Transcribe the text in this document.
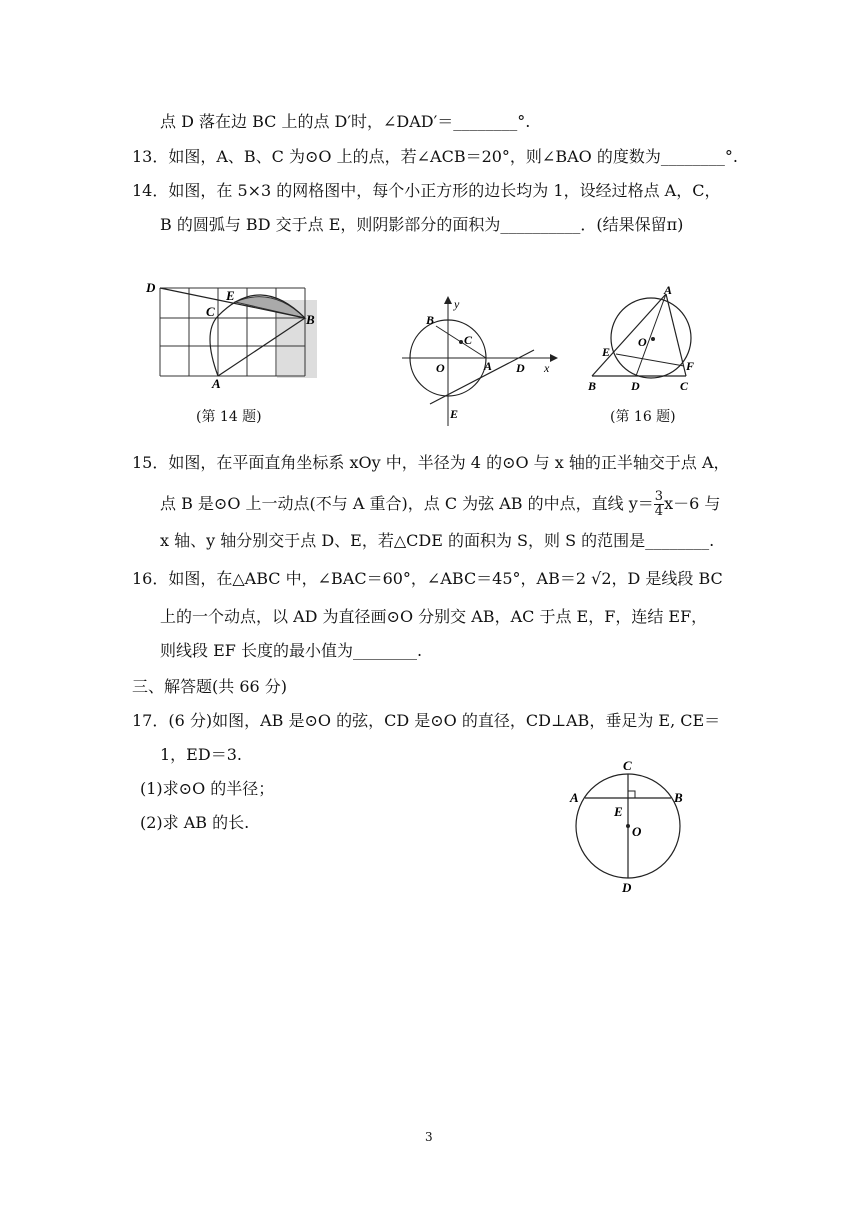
点 D 落在边 BC 上的点 D′时，∠DAD′＝________°.
13．如图，A、B、C 为⊙O 上的点，若∠ACB＝20°，则∠BAO 的度数为________°.
14．如图，在 5×3 的网格图中，每个小正方形的边长均为 1，设经过格点 A，C，
B 的圆弧与 BD 交于点 E，则阴影部分的面积为__________．(结果保留π)
15．如图，在平面直角坐标系 xOy 中，半径为 4 的⊙O 与 x 轴的正半轴交于点 A，
点 B 是⊙O 上一动点(不与 A 重合)，点 C 为弦 AB 的中点，直线 $y= \frac{3}{4} x-6$ 与
x 轴、y 轴分别交于点 D、E，若△CDE 的面积为 S，则 S 的范围是________.
16．如图，在△ABC 中，∠BAC＝60°，∠ABC＝45°，AB＝2 √2，D 是线段 BC
上的一个动点，以 AD 为直径画⊙O 分别交 AB，AC 于点 E，F，连结 EF，
则线段 EF 长度的最小值为________.
三、解答题(共 66 分)
17．(6 分)如图，AB 是⊙O 的弦，CD 是⊙O 的直径，CD⊥AB，垂足为 E, CE＝
1，ED＝3.
(1)求⊙O 的半径；
(2)求 AB 的长.
D
E
C
B
A
(第 14 题)
y
B
C
O	A D x
E
A
O
E
F
B	D	C
(第 16 题)
C
A	B
E
O
D
3
